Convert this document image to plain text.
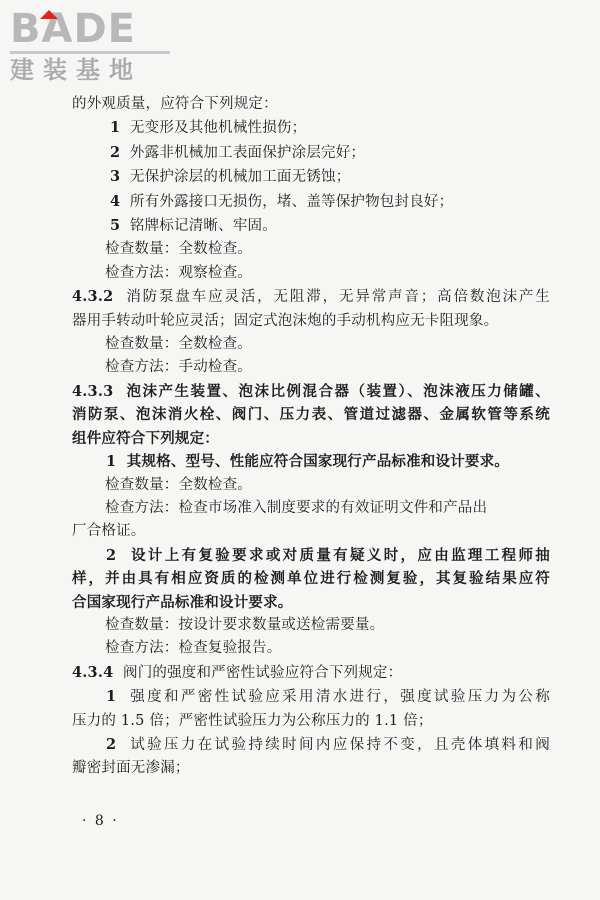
BADE
建装基地
的外观质量，应符合下列规定：
1 无变形及其他机械性损伤；
2 外露非机械加工表面保护涂层完好；
3 无保护涂层的机械加工面无锈蚀；
4 所有外露接口无损伤，堵、盖等保护物包封良好；
5 铭牌标记清晰、牢固。
检查数量：全数检查。
检查方法：观察检查。
4.3.2 消防泵盘车应灵活，无阻滞，无异常声音；高倍数泡沫产生
器用手转动叶轮应灵活；固定式泡沫炮的手动机构应无卡阻现象。
检查数量：全数检查。
检查方法：手动检查。
4.3.3 泡沫产生装置、泡沫比例混合器（装置）、泡沫液压力储罐、
消防泵、泡沫消火栓、阀门、压力表、管道过滤器、金属软管等系统
组件应符合下列规定：
1 其规格、型号、性能应符合国家现行产品标准和设计要求。
检查数量：全数检查。
检查方法：检查市场准入制度要求的有效证明文件和产品出
厂合格证。
2 设计上有复验要求或对质量有疑义时，应由监理工程师抽
样，并由具有相应资质的检测单位进行检测复验，其复验结果应符
合国家现行产品标准和设计要求。
检查数量：按设计要求数量或送检需要量。
检查方法：检查复验报告。
4.3.4 阀门的强度和严密性试验应符合下列规定：
1 强度和严密性试验应采用清水进行，强度试验压力为公称
压力的 1.5 倍；严密性试验压力为公称压力的 1.1 倍；
2 试验压力在试验持续时间内应保持不变，且壳体填料和阀
瓣密封面无渗漏；
· 8 ·
